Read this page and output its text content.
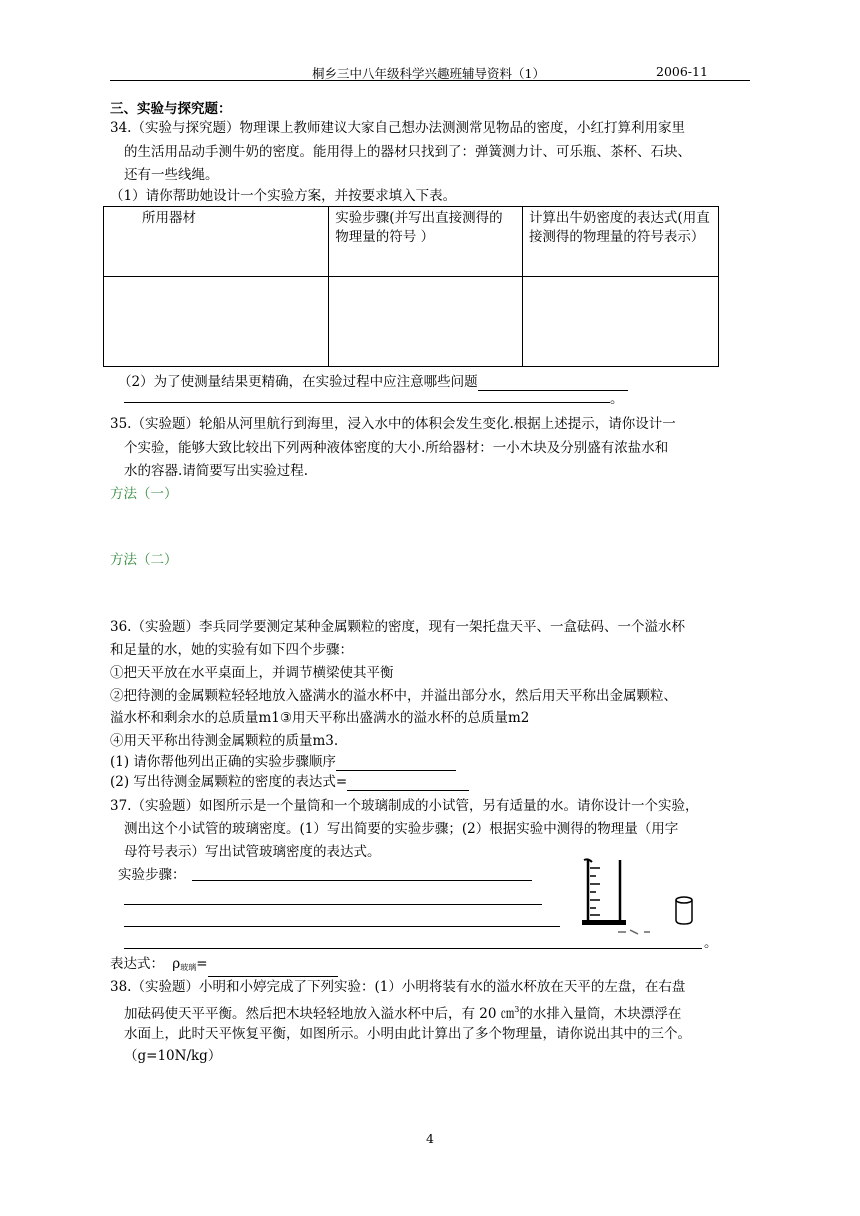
桐乡三中八年级科学兴趣班辅导资料（1）	2006-11
三、实验与探究题：
34.（实验与探究题）物理课上教师建议大家自己想办法测测常见物品的密度，小红打算利用家里
的生活用品动手测牛奶的密度。能用得上的器材只找到了：弹簧测力计、可乐瓶、茶杯、石块、
还有一些线绳。
（1）请你帮助她设计一个实验方案，并按要求填入下表。
所用器材	实验步骤(并写出直接测得的物理量的符号 ）	计算出牛奶密度的表达式(用直接测得的物理量的符号表示）

（2）为了使测量结果更精确，在实验过程中应注意哪些问题
。
35.（实验题）轮船从河里航行到海里，浸入水中的体积会发生变化.根据上述提示，请你设计一
个实验，能够大致比较出下列两种液体密度的大小.所给器材：一小木块及分别盛有浓盐水和
水的容器.请简要写出实验过程.
方法（一）
方法（二）
36.（实验题）李兵同学要测定某种金属颗粒的密度，现有一架托盘天平、一盒砝码、一个溢水杯
和足量的水，她的实验有如下四个步骤：
①把天平放在水平桌面上，并调节横梁使其平衡
②把待测的金属颗粒轻轻地放入盛满水的溢水杯中，并溢出部分水，然后用天平称出金属颗粒、
溢水杯和剩余水的总质量m1③用天平称出盛满水的溢水杯的总质量m2
④用天平称出待测金属颗粒的质量m3.
(1) 请你帮他列出正确的实验步骤顺序
(2) 写出待测金属颗粒的密度的表达式=
37.（实验题）如图所示是一个量筒和一个玻璃制成的小试管，另有适量的水。请你设计一个实验，
测出这个小试管的玻璃密度。(1）写出简要的实验步骤；(2）根据实验中测得的物理量（用字
母符号表示）写出试管玻璃密度的表达式。
实验步骤：
。
表达式： $\rho_{玻璃}=$
38.（实验题）小明和小婷完成了下列实验：(1）小明将装有水的溢水杯放在天平的左盘，在右盘
加砝码使天平平衡。然后把木块轻轻地放入溢水杯中后，有 20 ㎝$^3$的水排入量筒，木块漂浮在
水面上，此时天平恢复平衡，如图所示。小明由此计算出了多个物理量，请你说出其中的三个。
（g=10N/kg）
4
